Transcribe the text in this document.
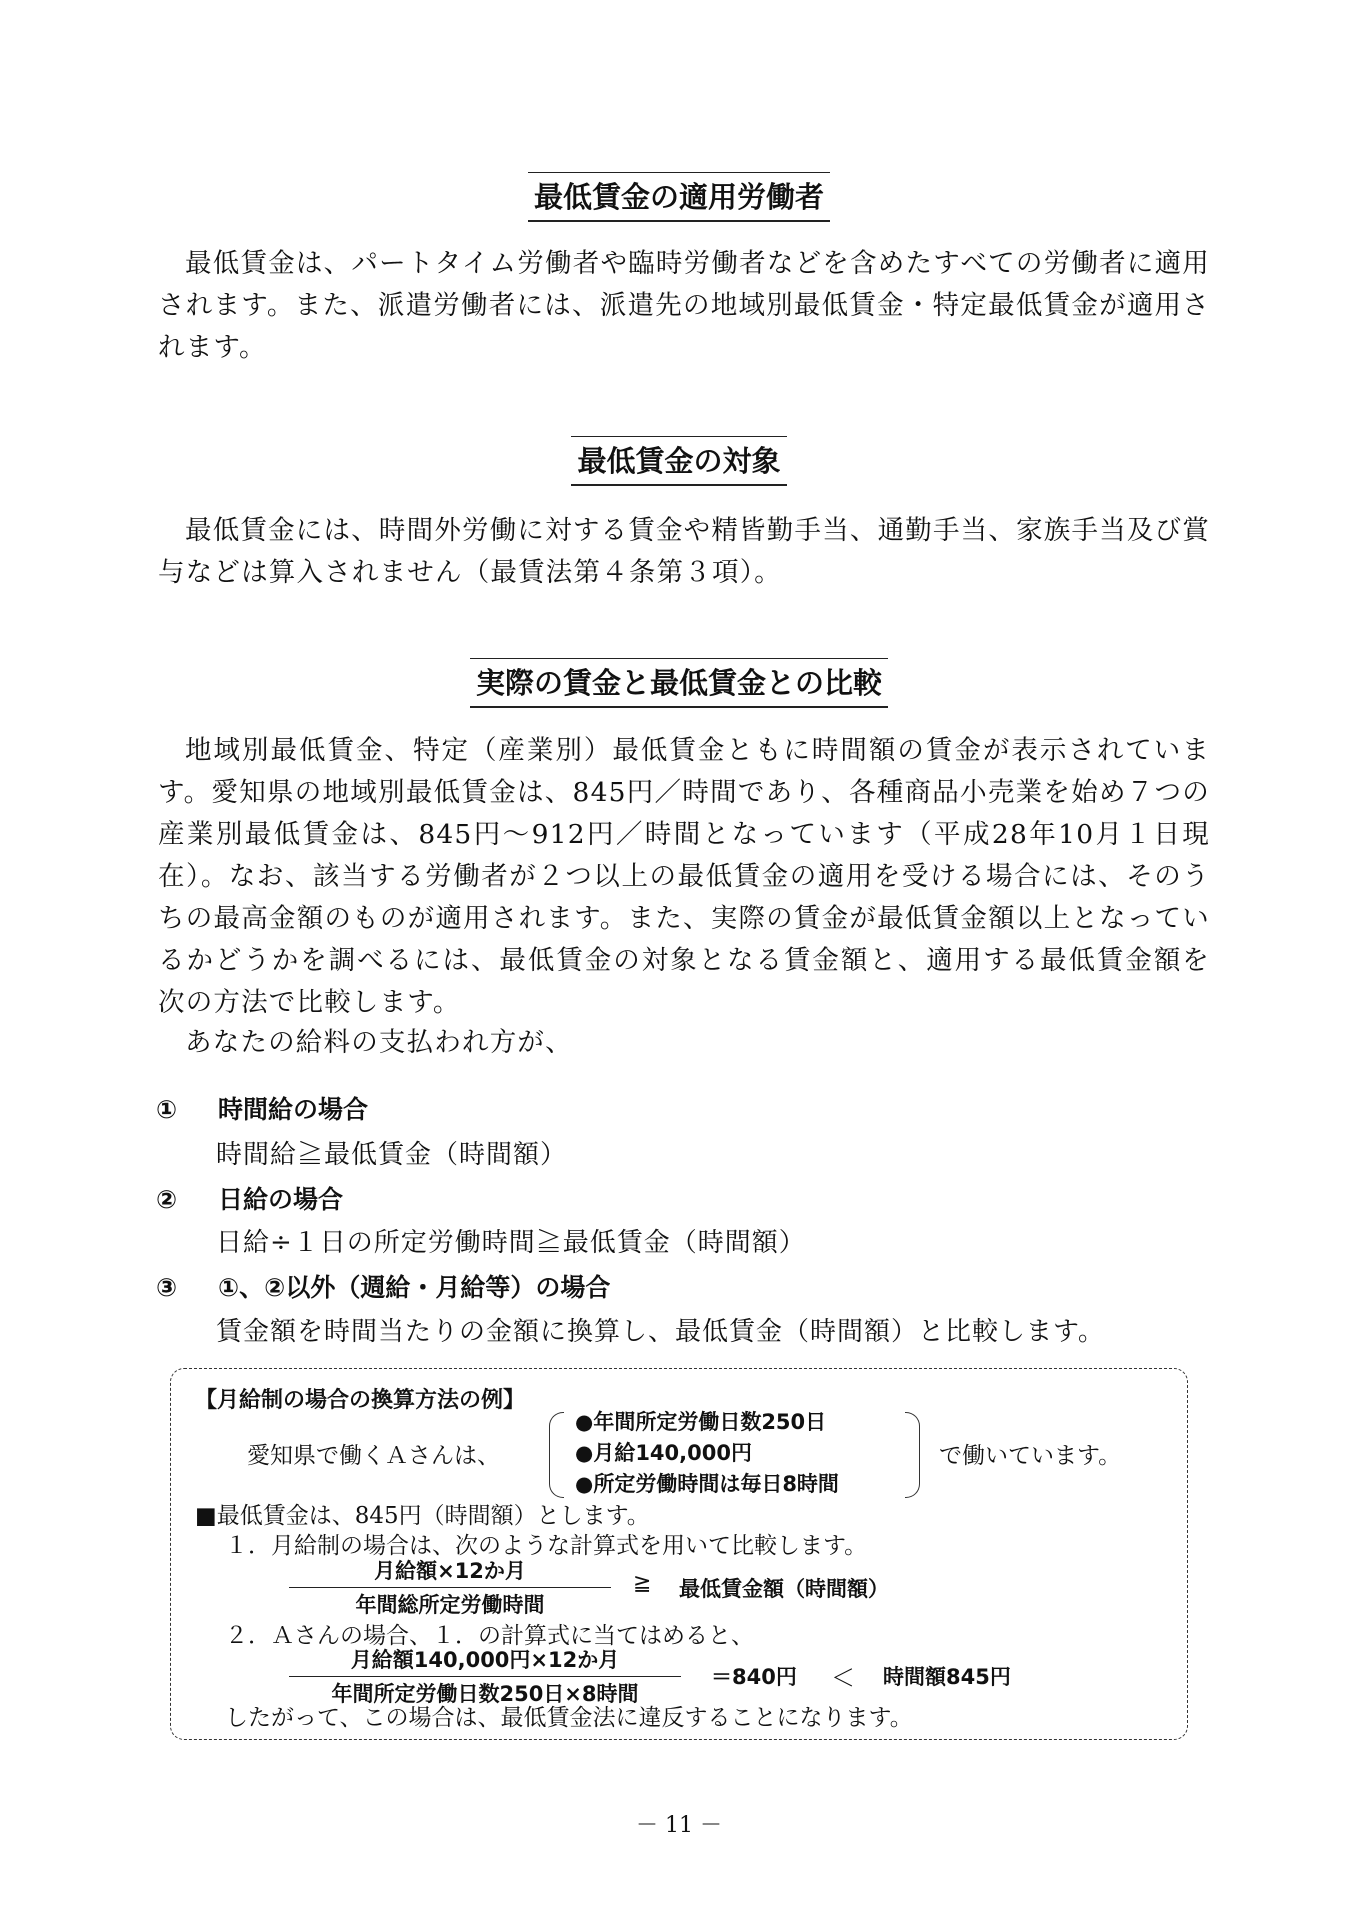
最低賃金の適用労働者

最低賃金は、パートタイム労働者や臨時労働者などを含めたすべての労働者に適用されます。また、派遣労働者には、派遣先の地域別最低賃金・特定最低賃金が適用されます。

最低賃金の対象

最低賃金には、時間外労働に対する賃金や精皆勤手当、通勤手当、家族手当及び賞与などは算入されません（最賃法第４条第３項）。

実際の賃金と最低賃金との比較

地域別最低賃金、特定（産業別）最低賃金ともに時間額の賃金が表示されています。愛知県の地域別最低賃金は、845円／時間であり、各種商品小売業を始め７つの産業別最低賃金は、845円～912円／時間となっています（平成28年10月１日現在）。なお、該当する労働者が２つ以上の最低賃金の適用を受ける場合には、そのうちの最高金額のものが適用されます。また、実際の賃金が最低賃金額以上となっているかどうかを調べるには、最低賃金の対象となる賃金額と、適用する最低賃金額を次の方法で比較します。

あなたの給料の支払われ方が、

① 時間給の場合
時間給≧最低賃金（時間額）
② 日給の場合
日給÷１日の所定労働時間≧最低賃金（時間額）
③ ①、②以外（週給・月給等）の場合
賃金額を時間当たりの金額に換算し、最低賃金（時間額）と比較します。
【月給制の場合の換算方法の例】
愛知県で働くＡさんは、
●年間所定労働日数250日
●月給140,000円
●所定労働時間は毎日8時間
で働いています。
■最低賃金は、845円（時間額）とします。
１．月給制の場合は、次のような計算式を用いて比較します。
月給額×12か月
年間総所定労働時間
≧ 最低賃金額（時間額）
２．Ａさんの場合、１．の計算式に当てはめると、
月給額140,000円×12か月
年間所定労働日数250日×8時間
＝840円 ＜ 時間額845円
したがって、この場合は、最低賃金法に違反することになります。
－ 11 －
